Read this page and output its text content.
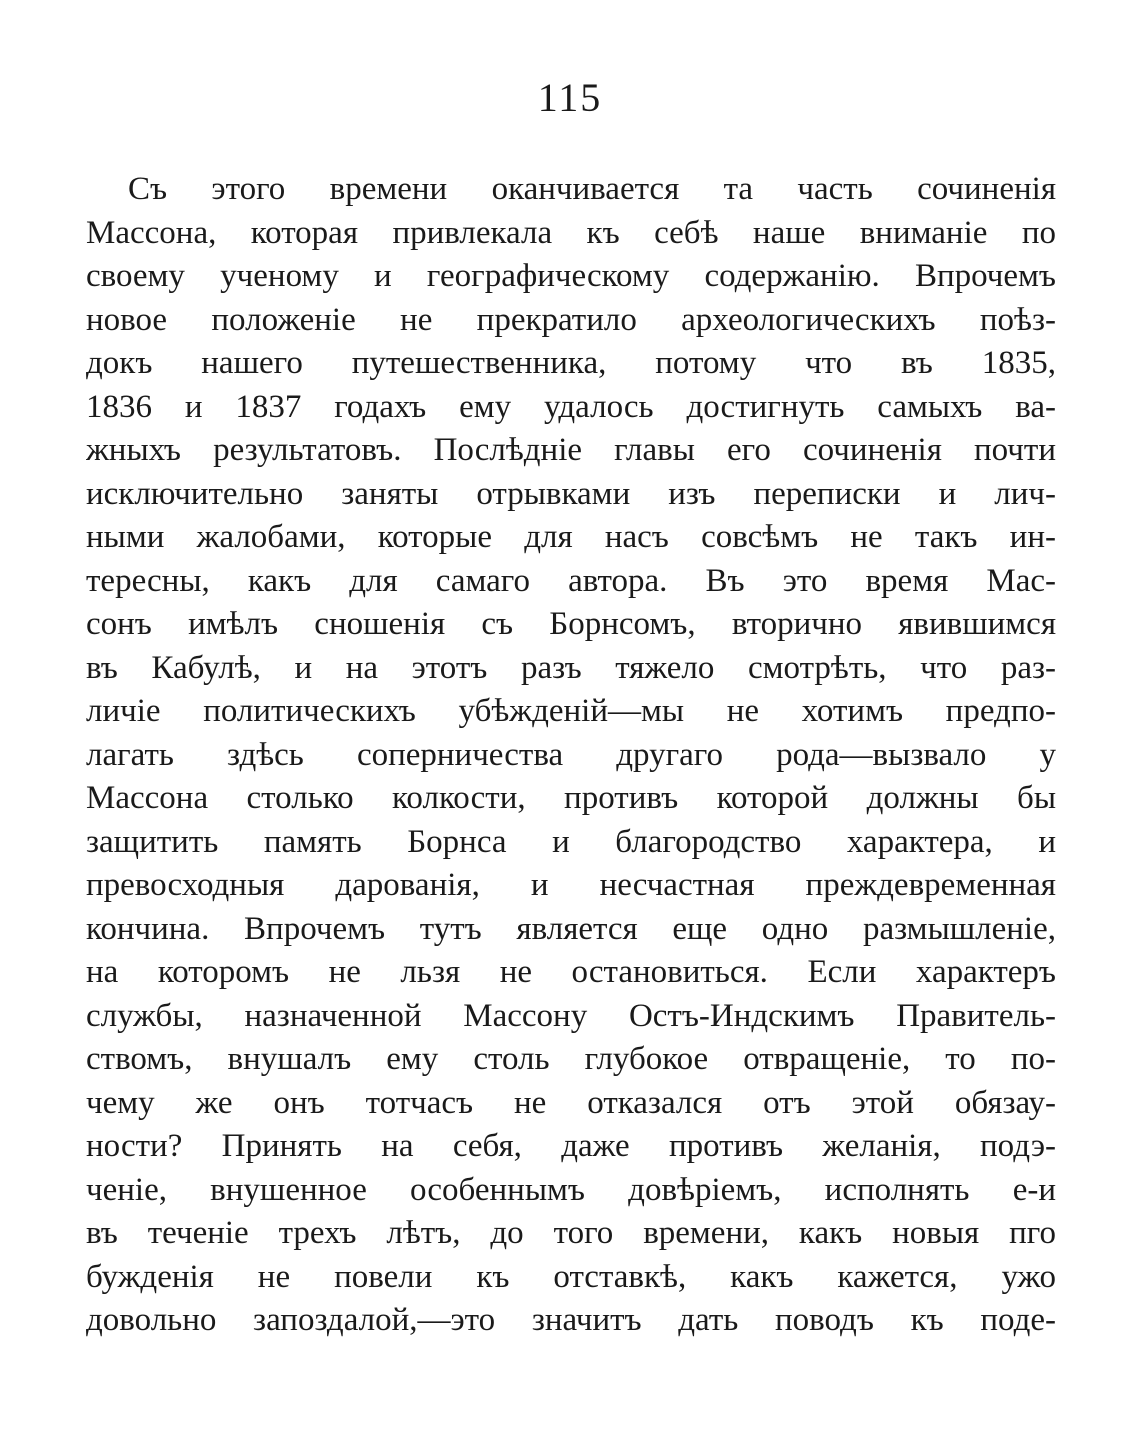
115
Съ этого времени оканчивается та часть сочиненія
Массона, которая привлекала къ себѣ наше вниманіе по
своему ученому и географическому содержанію. Впрочемъ
новое положеніе не прекратило археологическихъ поѣз-
докъ нашего путешественника, потому что въ 1835,
1836 и 1837 годахъ ему удалось достигнуть самыхъ ва-
жныхъ результатовъ. Послѣдніе главы его сочиненія почти
исключительно заняты отрывками изъ переписки и лич-
ными жалобами, которые для насъ совсѣмъ не такъ ин-
тересны, какъ для самаго автора. Въ это время Мас-
сонъ имѣлъ сношенія съ Борнсомъ, вторично явившимся
въ Кабулѣ, и на этотъ разъ тяжело смотрѣть, что раз-
личіе политическихъ убѣжденій—мы не хотимъ предпо-
лагать здѣсь соперничества другаго рода—вызвало у
Массона столько колкости, противъ которой должны бы
защитить память Борнса и благородство характера, и
превосходныя дарованія, и несчастная преждевременная
кончина. Впрочемъ тутъ является еще одно размышленіе,
на которомъ не льзя не остановиться. Если характеръ
службы, назначенной Массону Остъ-Индскимъ Правитель-
ствомъ, внушалъ ему столь глубокое отвращеніе, то по-
чему же онъ тотчасъ не отказался отъ этой обязау-
ности? Принять на себя, даже противъ желанія, подэ-
ченіе, внушенное особеннымъ довѣріемъ, исполнять е-и
въ теченіе трехъ лѣтъ, до того времени, какъ новыя пго
бужденія не повели къ отставкѣ, какъ кажется, ужо
довольно запоздалой,—это значитъ дать поводъ къ поде-
